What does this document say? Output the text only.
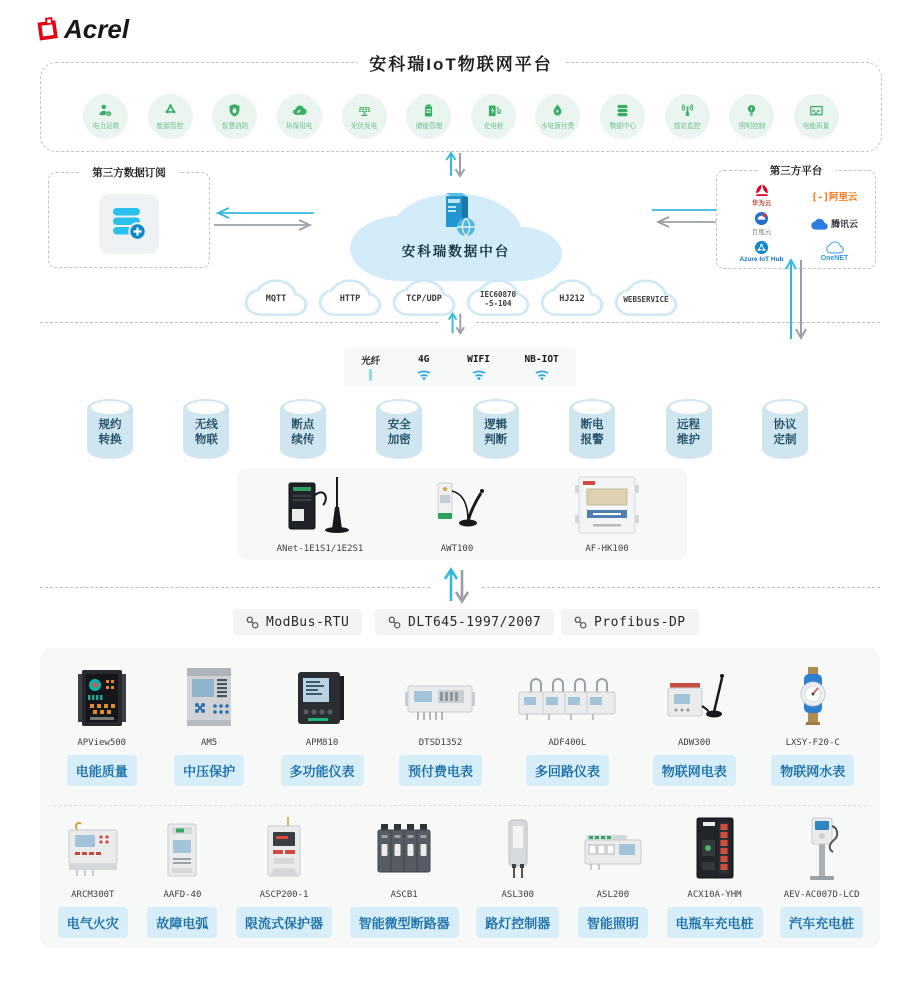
Acrel
安科瑞IoT物联网平台
电力运维	能源管控	智慧消防	环保用电	光伏发电	储能管理	充电桩	水电预付费	数据中心	基站监控	照明控制	电能质量
第三方数据订阅
安科瑞数据中台
第三方平台
华为云
[-]阿里云
百度云
腾讯云
Azure IoT Hub	OneNET
MQTT	HTTP	TCP/UDP	IEC60870
-5-104	HJ212	WEBSERVICE
光纤	4G	WIFI	NB-IOT
规约
转换
无线
物联
断点
续传
安全
加密
逻辑
判断
断电
报警
远程
维护
协议
定制
ANet-1E1S1/1E2S1	AWT100	AF-HK100
ModBus-RTU	DLT645-1997/2007	Profibus-DP
APView500
电能质量
AM5
中压保护
APM810
多功能仪表
DTSD1352
预付费电表
ADF400L
多回路仪表
ADW300
物联网电表
LXSY-F20-C
物联网水表
ARCM300T
电气火灾
AAFD-40
故障电弧
ASCP200-1
限流式保护器
ASCB1
智能微型断路器
ASL300
路灯控制器
ASL200
智能照明
ACX10A-YHM
电瓶车充电桩
AEV-AC007D-LCD
汽车充电桩
